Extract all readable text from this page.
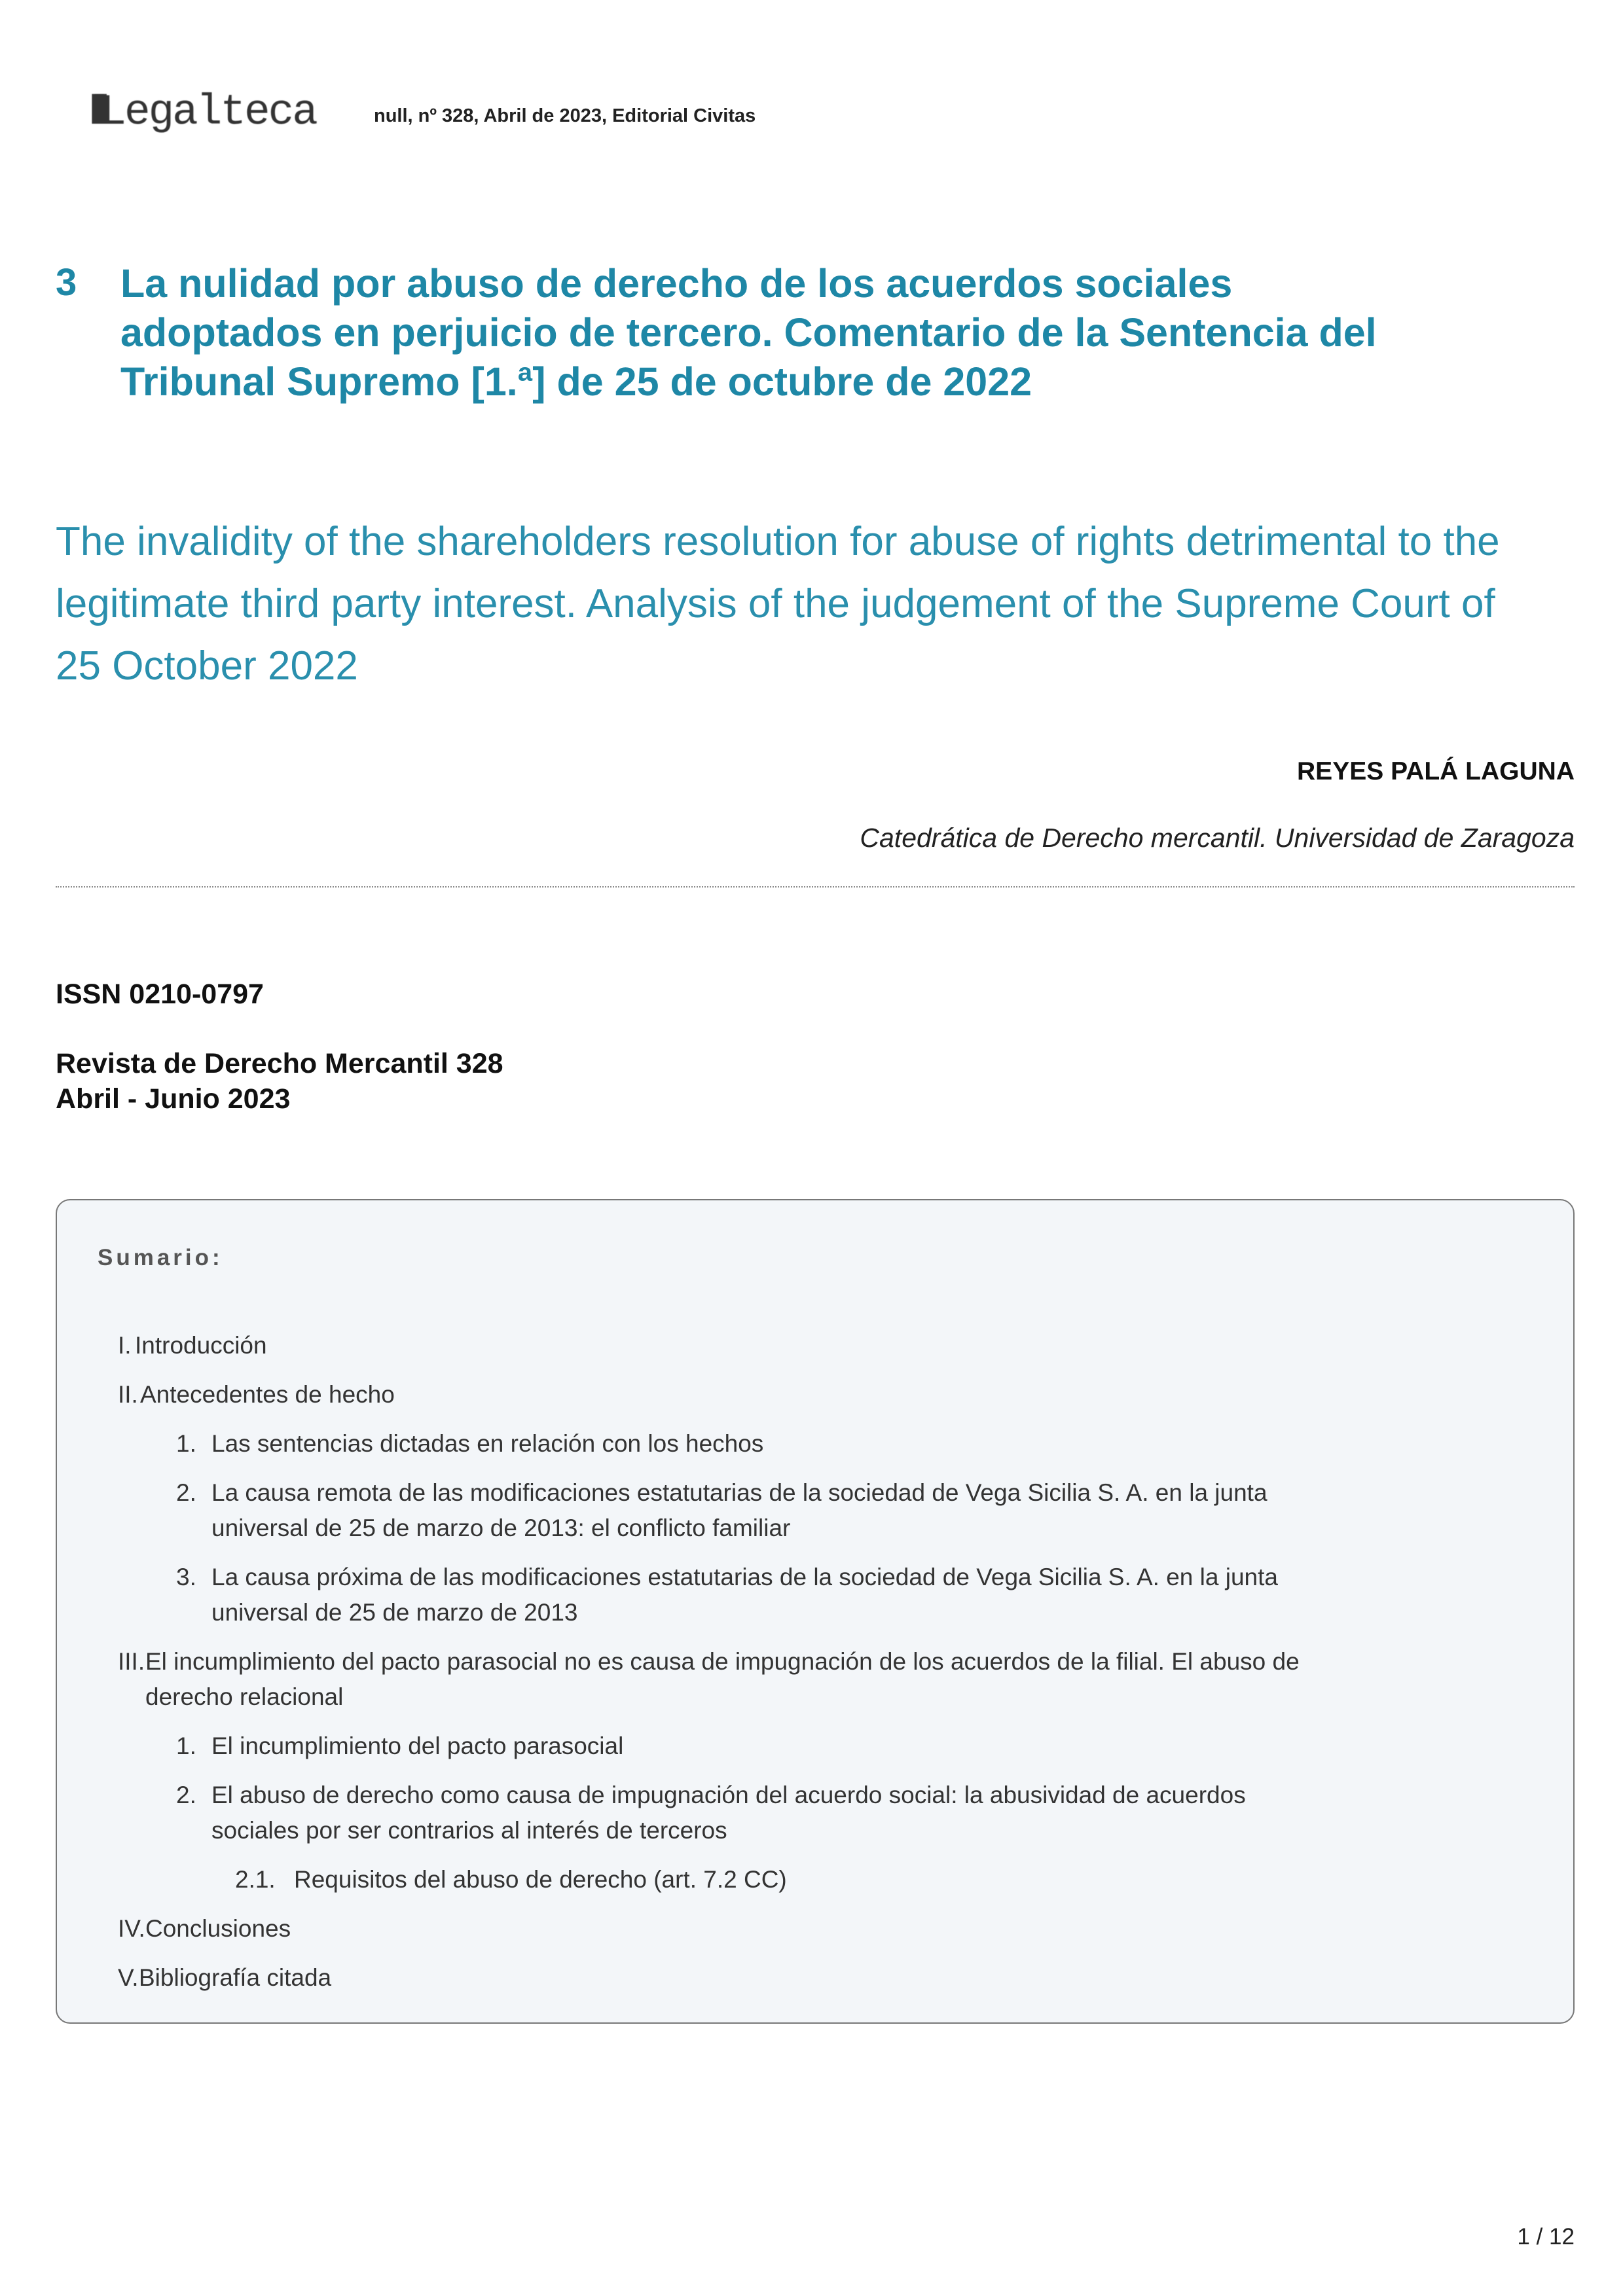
IIIILegalteca	null, nº 328, Abril de 2023, Editorial Civitas
3 La nulidad por abuso de derecho de los acuerdos sociales
adoptados en perjuicio de tercero. Comentario de la Sentencia del
Tribunal Supremo [1.ª] de 25 de octubre de 2022
The invalidity of the shareholders resolution for abuse of rights detrimental to the
legitimate third party interest. Analysis of the judgement of the Supreme Court of
25 October 2022
REYES PALÁ LAGUNA
Catedrática de Derecho mercantil. Universidad de Zaragoza
ISSN 0210-0797
Revista de Derecho Mercantil 328
Abril - Junio 2023
Sumario:
I. Introducción
II. Antecedentes de hecho
1. Las sentencias dictadas en relación con los hechos
2. La causa remota de las modificaciones estatutarias de la sociedad de Vega Sicilia S. A. en la junta
universal de 25 de marzo de 2013: el conflicto familiar
3. La causa próxima de las modificaciones estatutarias de la sociedad de Vega Sicilia S. A. en la junta
universal de 25 de marzo de 2013
III. El incumplimiento del pacto parasocial no es causa de impugnación de los acuerdos de la filial. El abuso de
derecho relacional
1. El incumplimiento del pacto parasocial
2. El abuso de derecho como causa de impugnación del acuerdo social: la abusividad de acuerdos
sociales por ser contrarios al interés de terceros
2.1. Requisitos del abuso de derecho (art. 7.2 CC)
IV. Conclusiones
V. Bibliografía citada
1 / 12
